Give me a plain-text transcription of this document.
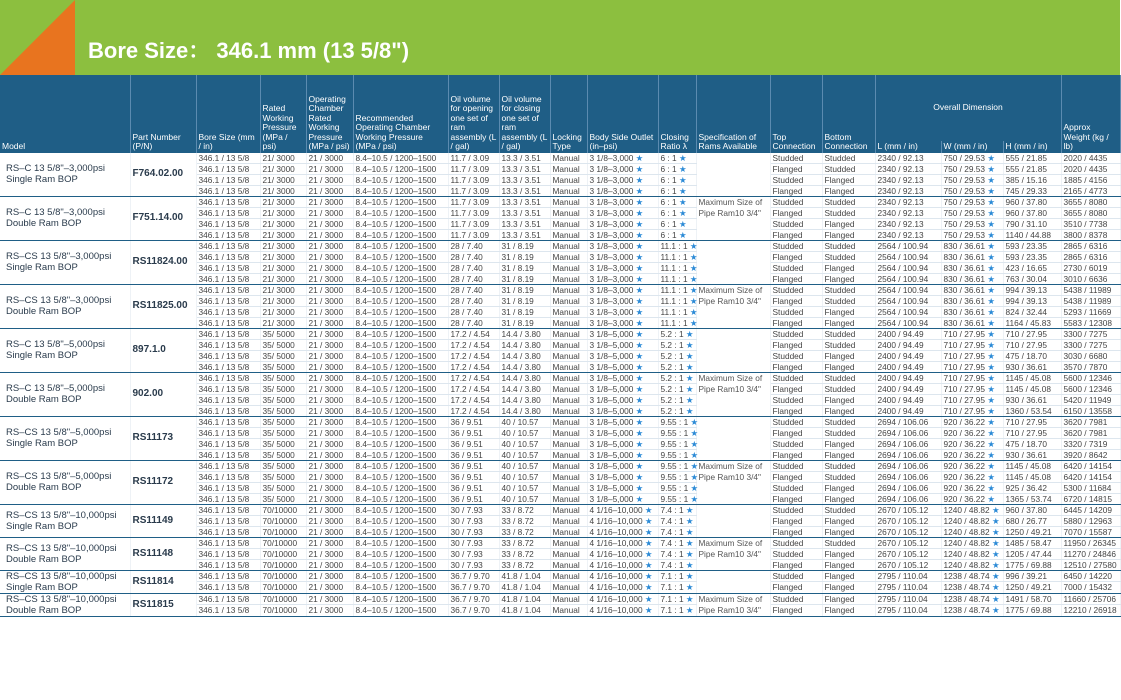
Bore Size： 346.1 mm (13 5/8")
Model	Part Number (P/N)	Bore Size (mm / in)	Rated Working Pressure (MPa / psi)	Operating Chamber Rated Working Pressure (MPa / psi)	Recommended Operating Chamber Working Pressure (MPa / psi)	Oil volume for opening one set of ram assembly (L / gal)	Oil volume for closing one set of ram assembly (L / gal)	Locking Type	Body Side Outlet (in–psi)	Closing Ratio λ	Specification of Rams Available	Top Connection	Bottom Connection	Overall Dimension			Approx Weight (kg / lb)
														L (mm / in)	W (mm / in)	H (mm / in)	
RS–C 13 5/8"–3,000psi Single Ram BOP	F764.02.00	346.1 / 13 5/8	21/ 3000	21 / 3000	8.4–10.5 / 1200–1500	11.7 / 3.09	13.3 / 3.51	Manual	3 1/8–3,000 ★	6 : 1 ★		Studded	Studded	2340 / 92.13	750 / 29.53 ★	555 / 21.85	2020 / 4435
		346.1 / 13 5/8	21/ 3000	21 / 3000	8.4–10.5 / 1200–1500	11.7 / 3.09	13.3 / 3.51	Manual	3 1/8–3,000 ★	6 : 1 ★		Flanged	Studded	2340 / 92.13	750 / 29.53 ★	555 / 21.85	2020 / 4435
		346.1 / 13 5/8	21/ 3000	21 / 3000	8.4–10.5 / 1200–1500	11.7 / 3.09	13.3 / 3.51	Manual	3 1/8–3,000 ★	6 : 1 ★		Studded	Flanged	2340 / 92.13	750 / 29.53 ★	385 / 15.16	1885 / 4156
		346.1 / 13 5/8	21/ 3000	21 / 3000	8.4–10.5 / 1200–1500	11.7 / 3.09	13.3 / 3.51	Manual	3 1/8–3,000 ★	6 : 1 ★		Flanged	Flanged	2340 / 92.13	750 / 29.53 ★	745 / 29.33	2165 / 4773
RS–C 13 5/8"–3,000psi Double Ram BOP	F751.14.00	346.1 / 13 5/8	21/ 3000	21 / 3000	8.4–10.5 / 1200–1500	11.7 / 3.09	13.3 / 3.51	Manual	3 1/8–3,000 ★	6 : 1 ★	Maximum Size of Pipe Ram10 3/4"	Studded	Studded	2340 / 92.13	750 / 29.53 ★	960 / 37.80	3655 / 8080
		346.1 / 13 5/8	21/ 3000	21 / 3000	8.4–10.5 / 1200–1500	11.7 / 3.09	13.3 / 3.51	Manual	3 1/8–3,000 ★	6 : 1 ★		Flanged	Studded	2340 / 92.13	750 / 29.53 ★	960 / 37.80	3655 / 8080
		346.1 / 13 5/8	21/ 3000	21 / 3000	8.4–10.5 / 1200–1500	11.7 / 3.09	13.3 / 3.51	Manual	3 1/8–3,000 ★	6 : 1 ★		Studded	Flanged	2340 / 92.13	750 / 29.53 ★	790 / 31.10	3510 / 7738
		346.1 / 13 5/8	21/ 3000	21 / 3000	8.4–10.5 / 1200–1500	11.7 / 3.09	13.3 / 3.51	Manual	3 1/8–3,000 ★	6 : 1 ★		Flanged	Flanged	2340 / 92.13	750 / 29.53 ★	1140 / 44.88	3800 / 8378
RS–CS 13 5/8"–3,000psi Single Ram BOP	RS11824.00	346.1 / 13 5/8	21/ 3000	21 / 3000	8.4–10.5 / 1200–1500	28 / 7.40	31 / 8.19	Manual	3 1/8–3,000 ★	11.1 : 1 ★		Studded	Studded	2564 / 100.94	830 / 36.61 ★	593 / 23.35	2865 / 6316
		346.1 / 13 5/8	21/ 3000	21 / 3000	8.4–10.5 / 1200–1500	28 / 7.40	31 / 8.19	Manual	3 1/8–3,000 ★	11.1 : 1 ★		Flanged	Studded	2564 / 100.94	830 / 36.61 ★	593 / 23.35	2865 / 6316
		346.1 / 13 5/8	21/ 3000	21 / 3000	8.4–10.5 / 1200–1500	28 / 7.40	31 / 8.19	Manual	3 1/8–3,000 ★	11.1 : 1 ★		Studded	Flanged	2564 / 100.94	830 / 36.61 ★	423 / 16.65	2730 / 6019
		346.1 / 13 5/8	21/ 3000	21 / 3000	8.4–10.5 / 1200–1500	28 / 7.40	31 / 8.19	Manual	3 1/8–3,000 ★	11.1 : 1 ★		Flanged	Flanged	2564 / 100.94	830 / 36.61 ★	763 / 30.04	3010 / 6636
RS–CS 13 5/8"–3,000psi Double Ram BOP	RS11825.00	346.1 / 13 5/8	21/ 3000	21 / 3000	8.4–10.5 / 1200–1500	28 / 7.40	31 / 8.19	Manual	3 1/8–3,000 ★	11.1 : 1 ★	Maximum Size of Pipe Ram10 3/4"	Studded	Studded	2564 / 100.94	830 / 36.61 ★	994 / 39.13	5438 / 11989
		346.1 / 13 5/8	21/ 3000	21 / 3000	8.4–10.5 / 1200–1500	28 / 7.40	31 / 8.19	Manual	3 1/8–3,000 ★	11.1 : 1 ★		Flanged	Studded	2564 / 100.94	830 / 36.61 ★	994 / 39.13	5438 / 11989
		346.1 / 13 5/8	21/ 3000	21 / 3000	8.4–10.5 / 1200–1500	28 / 7.40	31 / 8.19	Manual	3 1/8–3,000 ★	11.1 : 1 ★		Studded	Flanged	2564 / 100.94	830 / 36.61 ★	824 / 32.44	5293 / 11669
		346.1 / 13 5/8	21/ 3000	21 / 3000	8.4–10.5 / 1200–1500	28 / 7.40	31 / 8.19	Manual	3 1/8–3,000 ★	11.1 : 1 ★		Flanged	Flanged	2564 / 100.94	830 / 36.61 ★	1164 / 45.83	5583 / 12308
RS–C 13 5/8"–5,000psi Single Ram BOP	897.1.0	346.1 / 13 5/8	35/ 5000	21 / 3000	8.4–10.5 / 1200–1500	17.2 / 4.54	14.4 / 3.80	Manual	3 1/8–5,000 ★	5.2 : 1 ★		Studded	Studded	2400 / 94.49	710 / 27.95 ★	710 / 27.95	3300 / 7275
		346.1 / 13 5/8	35/ 5000	21 / 3000	8.4–10.5 / 1200–1500	17.2 / 4.54	14.4 / 3.80	Manual	3 1/8–5,000 ★	5.2 : 1 ★		Flanged	Studded	2400 / 94.49	710 / 27.95 ★	710 / 27.95	3300 / 7275
		346.1 / 13 5/8	35/ 5000	21 / 3000	8.4–10.5 / 1200–1500	17.2 / 4.54	14.4 / 3.80	Manual	3 1/8–5,000 ★	5.2 : 1 ★		Studded	Flanged	2400 / 94.49	710 / 27.95 ★	475 / 18.70	3030 / 6680
		346.1 / 13 5/8	35/ 5000	21 / 3000	8.4–10.5 / 1200–1500	17.2 / 4.54	14.4 / 3.80	Manual	3 1/8–5,000 ★	5.2 : 1 ★		Flanged	Flanged	2400 / 94.49	710 / 27.95 ★	930 / 36.61	3570 / 7870
RS–C 13 5/8"–5,000psi Double Ram BOP	902.00	346.1 / 13 5/8	35/ 5000	21 / 3000	8.4–10.5 / 1200–1500	17.2 / 4.54	14.4 / 3.80	Manual	3 1/8–5,000 ★	5.2 : 1 ★	Maximum Size of Pipe Ram10 3/4"	Studded	Studded	2400 / 94.49	710 / 27.95 ★	1145 / 45.08	5600 / 12346
		346.1 / 13 5/8	35/ 5000	21 / 3000	8.4–10.5 / 1200–1500	17.2 / 4.54	14.4 / 3.80	Manual	3 1/8–5,000 ★	5.2 : 1 ★		Flanged	Studded	2400 / 94.49	710 / 27.95 ★	1145 / 45.08	5600 / 12346
		346.1 / 13 5/8	35/ 5000	21 / 3000	8.4–10.5 / 1200–1500	17.2 / 4.54	14.4 / 3.80	Manual	3 1/8–5,000 ★	5.2 : 1 ★		Studded	Flanged	2400 / 94.49	710 / 27.95 ★	930 / 36.61	5420 / 11949
		346.1 / 13 5/8	35/ 5000	21 / 3000	8.4–10.5 / 1200–1500	17.2 / 4.54	14.4 / 3.80	Manual	3 1/8–5,000 ★	5.2 : 1 ★		Flanged	Flanged	2400 / 94.49	710 / 27.95 ★	1360 / 53.54	6150 / 13558
RS–CS 13 5/8"–5,000psi Single Ram BOP	RS11173	346.1 / 13 5/8	35/ 5000	21 / 3000	8.4–10.5 / 1200–1500	36 / 9.51	40 / 10.57	Manual	3 1/8–5,000 ★	9.55 : 1 ★		Studded	Studded	2694 / 106.06	920 / 36.22 ★	710 / 27.95	3620 / 7981
		346.1 / 13 5/8	35/ 5000	21 / 3000	8.4–10.5 / 1200–1500	36 / 9.51	40 / 10.57	Manual	3 1/8–5,000 ★	9.55 : 1 ★		Flanged	Studded	2694 / 106.06	920 / 36.22 ★	710 / 27.95	3620 / 7981
		346.1 / 13 5/8	35/ 5000	21 / 3000	8.4–10.5 / 1200–1500	36 / 9.51	40 / 10.57	Manual	3 1/8–5,000 ★	9.55 : 1 ★		Studded	Flanged	2694 / 106.06	920 / 36.22 ★	475 / 18.70	3320 / 7319
		346.1 / 13 5/8	35/ 5000	21 / 3000	8.4–10.5 / 1200–1500	36 / 9.51	40 / 10.57	Manual	3 1/8–5,000 ★	9.55 : 1 ★		Flanged	Flanged	2694 / 106.06	920 / 36.22 ★	930 / 36.61	3920 / 8642
RS–CS 13 5/8"–5,000psi Double Ram BOP	RS11172	346.1 / 13 5/8	35/ 5000	21 / 3000	8.4–10.5 / 1200–1500	36 / 9.51	40 / 10.57	Manual	3 1/8–5,000 ★	9.55 : 1 ★	Maximum Size of Pipe Ram10 3/4"	Studded	Studded	2694 / 106.06	920 / 36.22 ★	1145 / 45.08	6420 / 14154
		346.1 / 13 5/8	35/ 5000	21 / 3000	8.4–10.5 / 1200–1500	36 / 9.51	40 / 10.57	Manual	3 1/8–5,000 ★	9.55 : 1 ★		Flanged	Studded	2694 / 106.06	920 / 36.22 ★	1145 / 45.08	6420 / 14154
		346.1 / 13 5/8	35/ 5000	21 / 3000	8.4–10.5 / 1200–1500	36 / 9.51	40 / 10.57	Manual	3 1/8–5,000 ★	9.55 : 1 ★		Studded	Flanged	2694 / 106.06	920 / 36.22 ★	925 / 36.42	5300 / 11684
		346.1 / 13 5/8	35/ 5000	21 / 3000	8.4–10.5 / 1200–1500	36 / 9.51	40 / 10.57	Manual	3 1/8–5,000 ★	9.55 : 1 ★		Flanged	Flanged	2694 / 106.06	920 / 36.22 ★	1365 / 53.74	6720 / 14815
RS–CS 13 5/8"–10,000psi Single Ram BOP	RS11149	346.1 / 13 5/8	70/10000	21 / 3000	8.4–10.5 / 1200–1500	30 / 7.93	33 / 8.72	Manual	4 1/16–10,000 ★	7.4 : 1 ★		Studded	Studded	2670 / 105.12	1240 / 48.82 ★	960 / 37.80	6445 / 14209
		346.1 / 13 5/8	70/10000	21 / 3000	8.4–10.5 / 1200–1500	30 / 7.93	33 / 8.72	Manual	4 1/16–10,000 ★	7.4 : 1 ★		Flanged	Flanged	2670 / 105.12	1240 / 48.82 ★	680 / 26.77	5880 / 12963
		346.1 / 13 5/8	70/10000	21 / 3000	8.4–10.5 / 1200–1500	30 / 7.93	33 / 8.72	Manual	4 1/16–10,000 ★	7.4 : 1 ★		Flanged	Flanged	2670 / 105.12	1240 / 48.82 ★	1250 / 49.21	7070 / 15587
RS–CS 13 5/8"–10,000psi Double Ram BOP	RS11148	346.1 / 13 5/8	70/10000	21 / 3000	8.4–10.5 / 1200–1500	30 / 7.93	33 / 8.72	Manual	4 1/16–10,000 ★	7.4 : 1 ★	Maximum Size of Pipe Ram10 3/4"	Studded	Studded	2670 / 105.12	1240 / 48.82 ★	1485 / 58.47	11950 / 26345
		346.1 / 13 5/8	70/10000	21 / 3000	8.4–10.5 / 1200–1500	30 / 7.93	33 / 8.72	Manual	4 1/16–10,000 ★	7.4 : 1 ★		Studded	Flanged	2670 / 105.12	1240 / 48.82 ★	1205 / 47.44	11270 / 24846
		346.1 / 13 5/8	70/10000	21 / 3000	8.4–10.5 / 1200–1500	30 / 7.93	33 / 8.72	Manual	4 1/16–10,000 ★	7.4 : 1 ★		Flanged	Flanged	2670 / 105.12	1240 / 48.82 ★	1775 / 69.88	12510 / 27580
RS–CS 13 5/8"–10,000psi Single Ram BOP	RS11814	346.1 / 13 5/8	70/10000	21 / 3000	8.4–10.5 / 1200–1500	36.7 / 9.70	41.8 / 1.04	Manual	4 1/16–10,000 ★	7.1 : 1 ★		Studded	Flanged	2795 / 110.04	1238 / 48.74 ★	996 / 39.21	6450 / 14220
		346.1 / 13 5/8	70/10000	21 / 3000	8.4–10.5 / 1200–1500	36.7 / 9.70	41.8 / 1.04	Manual	4 1/16–10,000 ★	7.1 : 1 ★		Flanged	Flanged	2795 / 110.04	1238 / 48.74 ★	1250 / 49.21	7000 / 15432
RS–CS 13 5/8"–10,000psi Double Ram BOP	RS11815	346.1 / 13 5/8	70/10000	21 / 3000	8.4–10.5 / 1200–1500	36.7 / 9.70	41.8 / 1.04	Manual	4 1/16–10,000 ★	7.1 : 1 ★	Maximum Size of Pipe Ram10 3/4"	Studded	Flanged	2795 / 110.04	1238 / 48.74 ★	1491 / 58.70	11660 / 25706
		346.1 / 13 5/8	70/10000	21 / 3000	8.4–10.5 / 1200–1500	36.7 / 9.70	41.8 / 1.04	Manual	4 1/16–10,000 ★	7.1 : 1 ★		Flanged	Flanged	2795 / 110.04	1238 / 48.74 ★	1775 / 69.88	12210 / 26918
